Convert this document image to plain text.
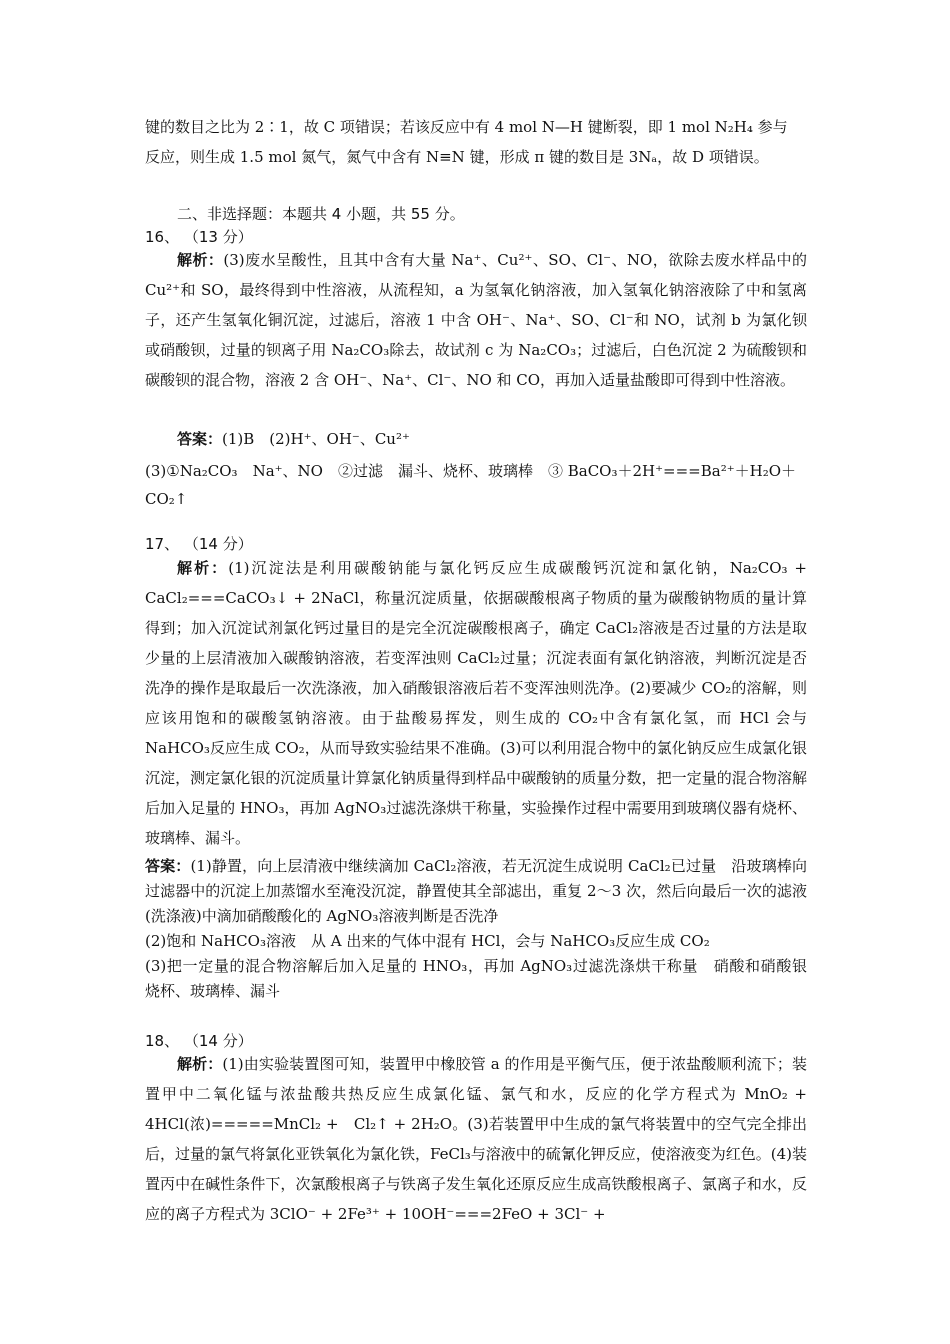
键的数目之比为 2∶1，故 C 项错误；若该反应中有 4 mol N—H 键断裂，即 1 mol N₂H₄ 参与

反应，则生成 1.5 mol 氮气，氮气中含有 N≡N 键，形成 π 键的数目是 3Nₐ，故 D 项错误。

二、非选择题：本题共 4 小题，共 55 分。

16、 （13 分）

解析：(3)废水呈酸性，且其中含有大量 Na⁺、Cu²⁺、SO、Cl⁻、NO，欲除去废水样品中的 Cu²⁺和 SO，最终得到中性溶液，从流程知，a 为氢氧化钠溶液，加入氢氧化钠溶液除了中和氢离子，还产生氢氧化铜沉淀，过滤后，溶液 1 中含 OH⁻、Na⁺、SO、Cl⁻和 NO，试剂 b 为氯化钡或硝酸钡，过量的钡离子用 Na₂CO₃除去，故试剂 c 为 Na₂CO₃；过滤后，白色沉淀 2 为硫酸钡和碳酸钡的混合物，溶液 2 含 OH⁻、Na⁺、Cl⁻、NO 和 CO，再加入适量盐酸即可得到中性溶液。

答案：(1)B　(2)H⁺、OH⁻、Cu²⁺

(3)①Na₂CO₃　Na⁺、NO　②过滤　漏斗、烧杯、玻璃棒　③ BaCO₃＋2H⁺===Ba²⁺＋H₂O＋CO₂↑

17、 （14 分）

解析：(1)沉淀法是利用碳酸钠能与氯化钙反应生成碳酸钙沉淀和氯化钠，Na₂CO₃ + CaCl₂===CaCO₃↓ + 2NaCl，称量沉淀质量，依据碳酸根离子物质的量为碳酸钠物质的量计算得到；加入沉淀试剂氯化钙过量目的是完全沉淀碳酸根离子，确定 CaCl₂溶液是否过量的方法是取少量的上层清液加入碳酸钠溶液，若变浑浊则 CaCl₂过量；沉淀表面有氯化钠溶液，判断沉淀是否洗净的操作是取最后一次洗涤液，加入硝酸银溶液后若不变浑浊则洗净。(2)要减少 CO₂的溶解，则应该用饱和的碳酸氢钠溶液。由于盐酸易挥发，则生成的 CO₂中含有氯化氢，而 HCl 会与 NaHCO₃反应生成 CO₂，从而导致实验结果不准确。(3)可以利用混合物中的氯化钠反应生成氯化银沉淀，测定氯化银的沉淀质量计算氯化钠质量得到样品中碳酸钠的质量分数，把一定量的混合物溶解后加入足量的 HNO₃，再加 AgNO₃过滤洗涤烘干称量，实验操作过程中需要用到玻璃仪器有烧杯、玻璃棒、漏斗。

答案：(1)静置，向上层清液中继续滴加 CaCl₂溶液，若无沉淀生成说明 CaCl₂已过量　沿玻璃棒向过滤器中的沉淀上加蒸馏水至淹没沉淀，静置使其全部滤出，重复 2～3 次，然后向最后一次的滤液(洗涤液)中滴加硝酸酸化的 AgNO₃溶液判断是否洗净

(2)饱和 NaHCO₃溶液　从 A 出来的气体中混有 HCl，会与 NaHCO₃反应生成 CO₂

(3)把一定量的混合物溶解后加入足量的 HNO₃，再加 AgNO₃过滤洗涤烘干称量　硝酸和硝酸银　烧杯、玻璃棒、漏斗

18、 （14 分）

解析：(1)由实验装置图可知，装置甲中橡胶管 a 的作用是平衡气压，便于浓盐酸顺利流下；装置甲中二氧化锰与浓盐酸共热反应生成氯化锰、氯气和水，反应的化学方程式为 MnO₂ + 4HCl(浓)=====MnCl₂ +　Cl₂↑ + 2H₂O。(3)若装置甲中生成的氯气将装置中的空气完全排出后，过量的氯气将氯化亚铁氧化为氯化铁，FeCl₃与溶液中的硫氰化钾反应，使溶液变为红色。(4)装置丙中在碱性条件下，次氯酸根离子与铁离子发生氧化还原反应生成高铁酸根离子、氯离子和水，反应的离子方程式为 3ClO⁻ + 2Fe³⁺ + 10OH⁻===2FeO + 3Cl⁻ +
